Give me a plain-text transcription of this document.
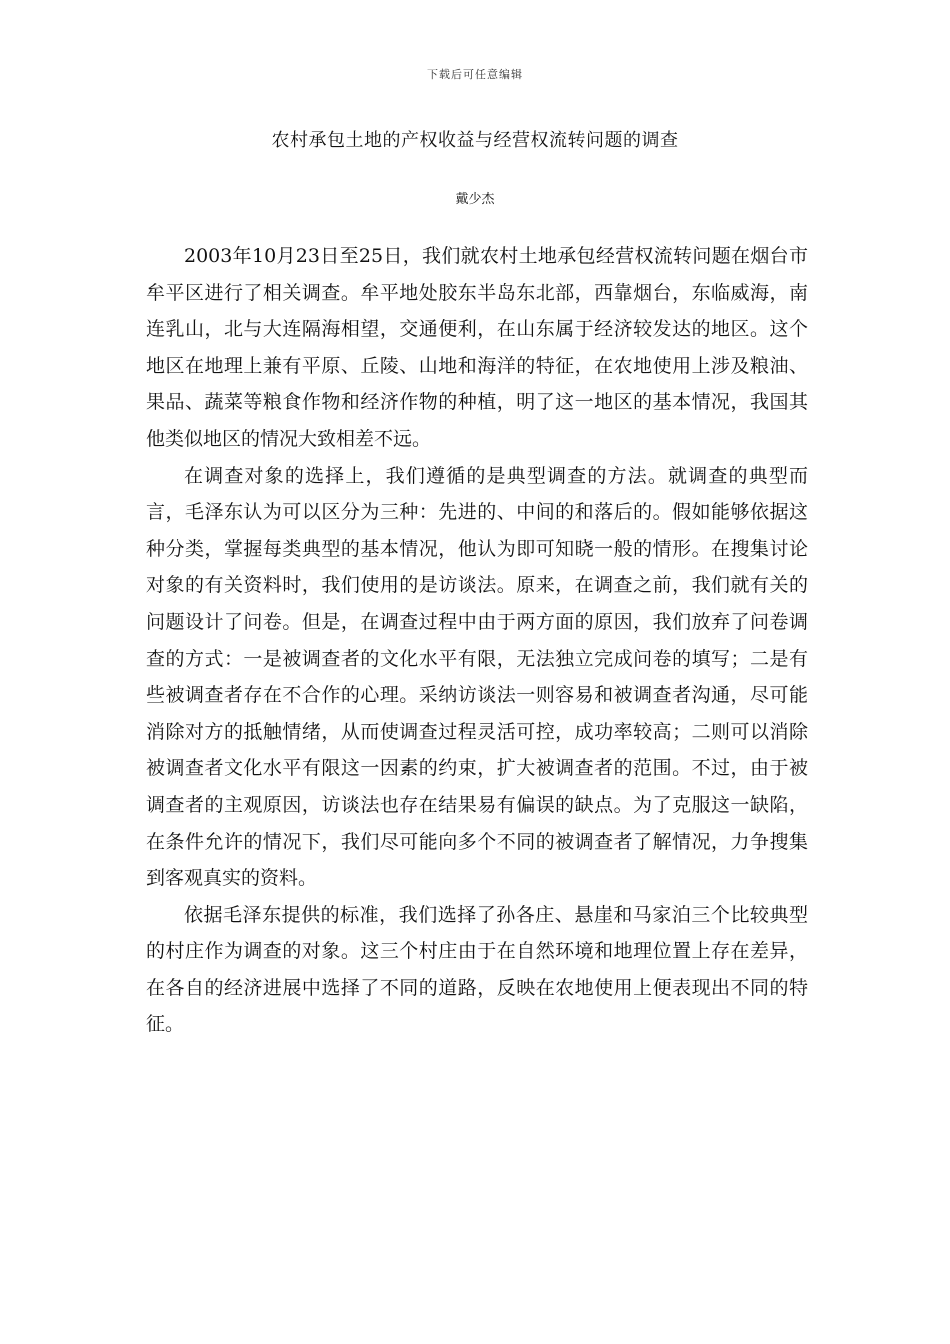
下载后可任意编辑
农村承包土地的产权收益与经营权流转问题的调查
戴少杰

2003年10月23日至25日，我们就农村土地承包经营权流转问题在烟台市牟平区进行了相关调查。牟平地处胶东半岛东北部，西靠烟台，东临威海，南连乳山，北与大连隔海相望，交通便利，在山东属于经济较发达的地区。这个地区在地理上兼有平原、丘陵、山地和海洋的特征，在农地使用上涉及粮油、果品、蔬菜等粮食作物和经济作物的种植，明了这一地区的基本情况，我国其他类似地区的情况大致相差不远。

在调查对象的选择上，我们遵循的是典型调查的方法。就调查的典型而言，毛泽东认为可以区分为三种：先进的、中间的和落后的。假如能够依据这种分类，掌握每类典型的基本情况，他认为即可知晓一般的情形。在搜集讨论对象的有关资料时，我们使用的是访谈法。原来，在调查之前，我们就有关的问题设计了问卷。但是，在调查过程中由于两方面的原因，我们放弃了问卷调查的方式：一是被调查者的文化水平有限，无法独立完成问卷的填写；二是有些被调查者存在不合作的心理。采纳访谈法一则容易和被调查者沟通，尽可能消除对方的抵触情绪，从而使调查过程灵活可控，成功率较高；二则可以消除被调查者文化水平有限这一因素的约束，扩大被调查者的范围。不过，由于被调查者的主观原因，访谈法也存在结果易有偏误的缺点。为了克服这一缺陷，在条件允许的情况下，我们尽可能向多个不同的被调查者了解情况，力争搜集到客观真实的资料。

依据毛泽东提供的标准，我们选择了孙各庄、悬崖和马家泊三个比较典型的村庄作为调查的对象。这三个村庄由于在自然环境和地理位置上存在差异，在各自的经济进展中选择了不同的道路，反映在农地使用上便表现出不同的特征。
